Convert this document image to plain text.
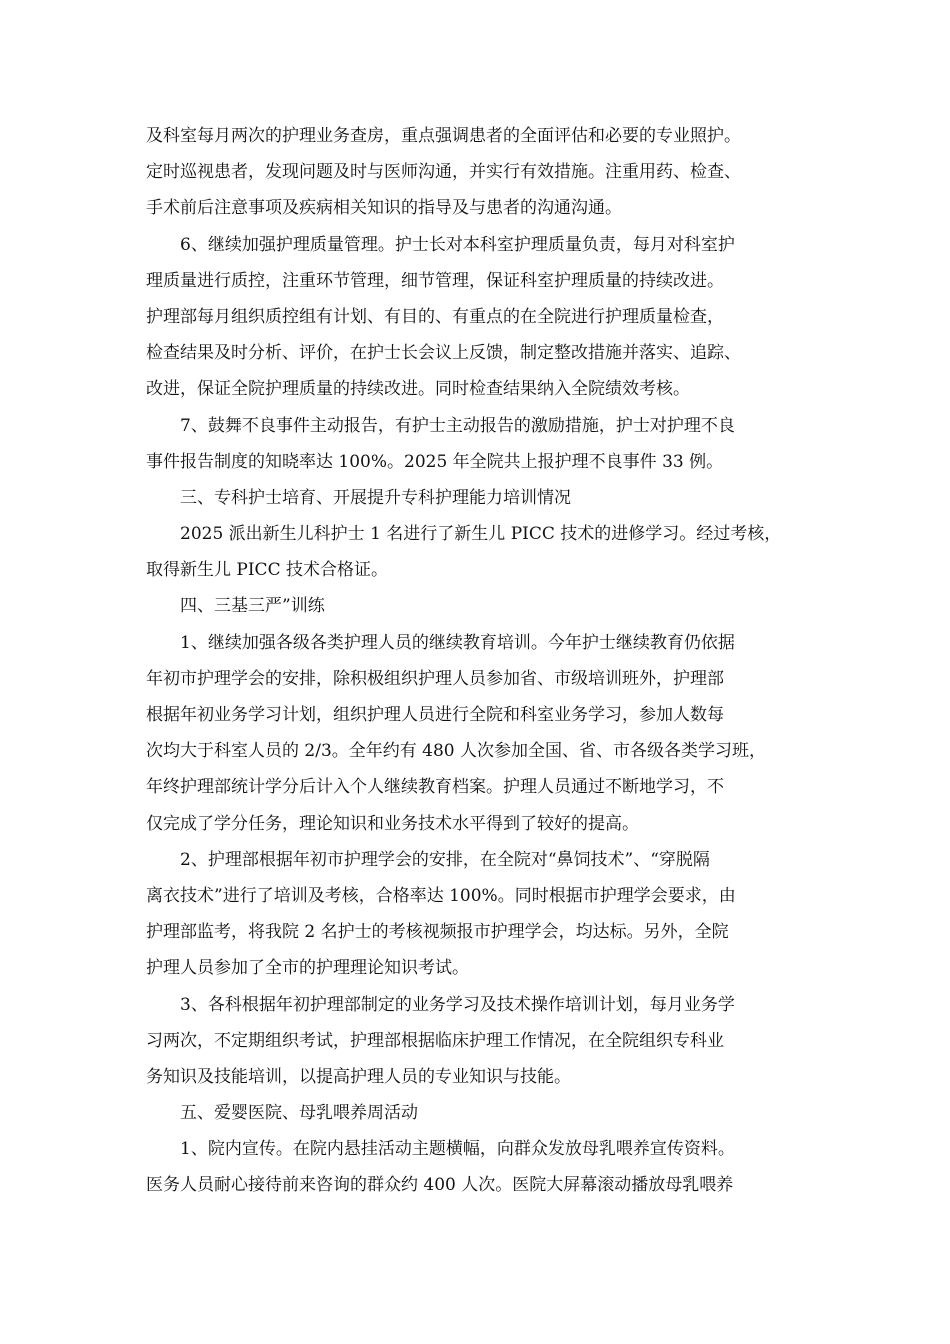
及科室每月两次的护理业务查房，重点强调患者的全面评估和必要的专业照护。
定时巡视患者，发现问题及时与医师沟通，并实行有效措施。注重用药、检查、
手术前后注意事项及疾病相关知识的指导及与患者的沟通沟通。
6、继续加强护理质量管理。护士长对本科室护理质量负责，每月对科室护
理质量进行质控，注重环节管理，细节管理，保证科室护理质量的持续改进。
护理部每月组织质控组有计划、有目的、有重点的在全院进行护理质量检查，
检查结果及时分析、评价，在护士长会议上反馈，制定整改措施并落实、追踪、
改进，保证全院护理质量的持续改进。同时检查结果纳入全院绩效考核。
7、鼓舞不良事件主动报告，有护士主动报告的激励措施，护士对护理不良
事件报告制度的知晓率达 100%。2025 年全院共上报护理不良事件 33 例。
三、专科护士培育、开展提升专科护理能力培训情况
2025 派出新生儿科护士 1 名进行了新生儿 PICC 技术的进修学习。经过考核，
取得新生儿 PICC 技术合格证。
四、三基三严”训练
1、继续加强各级各类护理人员的继续教育培训。今年护士继续教育仍依据
年初市护理学会的安排，除积极组织护理人员参加省、市级培训班外，护理部
根据年初业务学习计划，组织护理人员进行全院和科室业务学习，参加人数每
次均大于科室人员的 2/3。全年约有 480 人次参加全国、省、市各级各类学习班，
年终护理部统计学分后计入个人继续教育档案。护理人员通过不断地学习，不
仅完成了学分任务，理论知识和业务技术水平得到了较好的提高。
2、护理部根据年初市护理学会的安排，在全院对“鼻饲技术”、“穿脱隔
离衣技术”进行了培训及考核，合格率达 100%。同时根据市护理学会要求，由
护理部监考，将我院 2 名护士的考核视频报市护理学会，均达标。另外，全院
护理人员参加了全市的护理理论知识考试。
3、各科根据年初护理部制定的业务学习及技术操作培训计划，每月业务学
习两次，不定期组织考试，护理部根据临床护理工作情况，在全院组织专科业
务知识及技能培训，以提高护理人员的专业知识与技能。
五、爱婴医院、母乳喂养周活动
1、院内宣传。在院内悬挂活动主题横幅，向群众发放母乳喂养宣传资料。
医务人员耐心接待前来咨询的群众约 400 人次。医院大屏幕滚动播放母乳喂养
